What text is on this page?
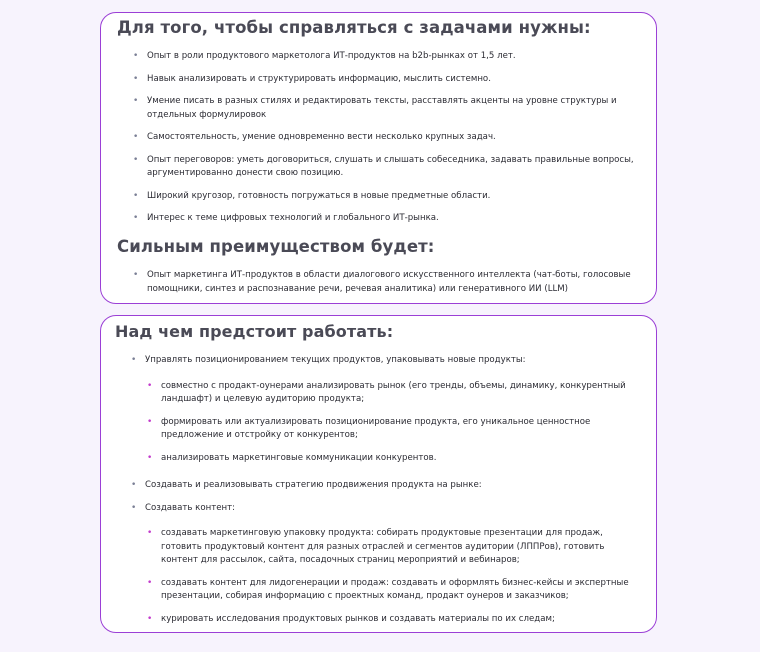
Для того, чтобы справляться с задачами нужны:
• Опыт в роли продуктового маркетолога ИТ-продуктов на b2b-рынках от 1,5 лет.
• Навык анализировать и структурировать информацию, мыслить системно.
• Умение писать в разных стилях и редактировать тексты, расставлять акценты на уровне структуры и отдельных формулировок
• Самостоятельность, умение одновременно вести несколько крупных задач.
• Опыт переговоров: уметь договориться, слушать и слышать собеседника, задавать правильные вопросы, аргументированно донести свою позицию.
• Широкий кругозор, готовность погружаться в новые предметные области.
• Интерес к теме цифровых технологий и глобального ИТ-рынка.
Сильным преимуществом будет:
• Опыт маркетинга ИТ-продуктов в области диалогового искусственного интеллекта (чат-боты, голосовые помощники, синтез и распознавание речи, речевая аналитика) или генеративного ИИ (LLM)
Над чем предстоит работать:
• Управлять позиционированием текущих продуктов, упаковывать новые продукты:
• совместно с продакт-оунерами анализировать рынок (его тренды, объемы, динамику, конкурентный ландшафт) и целевую аудиторию продукта;
• формировать или актуализировать позиционирование продукта, его уникальное ценностное предложение и отстройку от конкурентов;
• анализировать маркетинговые коммуникации конкурентов.
• Создавать и реализовывать стратегию продвижения продукта на рынке:
• Создавать контент:
• создавать маркетинговую упаковку продукта: собирать продуктовые презентации для продаж, готовить продуктовый контент для разных отраслей и сегментов аудитории (ЛППРов), готовить контент для рассылок, сайта, посадочных страниц мероприятий и вебинаров;
• создавать контент для лидогенерации и продаж: создавать и оформлять бизнес-кейсы и экспертные презентации, собирая информацию с проектных команд, продакт оунеров и заказчиков;
• курировать исследования продуктовых рынков и создавать материалы по их следам;
